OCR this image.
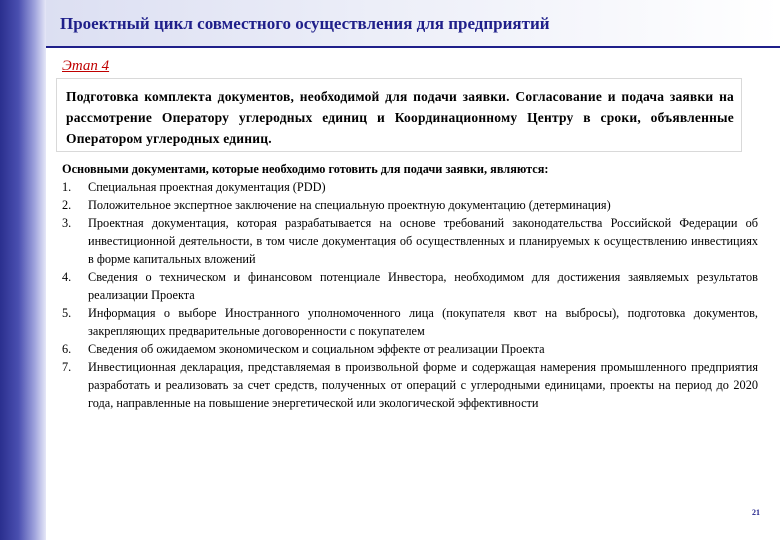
Проектный цикл совместного осуществления для предприятий
Этап 4
Подготовка комплекта документов, необходимой для подачи заявки. Согласование и подача заявки на рассмотрение Оператору углеродных единиц и Координационному Центру в сроки, объявленные Оператором углеродных единиц.
Основными документами, которые необходимо готовить для подачи заявки, являются:
1.	Специальная проектная документация (PDD)
2.	Положительное экспертное заключение на специальную проектную документацию (детерминация)
3.	Проектная документация, которая разрабатывается на основе требований законодательства Российской Федерации об инвестиционной деятельности, в том числе документация об осуществленных и планируемых к осуществлению инвестициях в форме капитальных вложений
4.	Сведения о техническом и финансовом потенциале Инвестора, необходимом для достижения заявляемых результатов реализации Проекта
5.	Информация о выборе Иностранного уполномоченного лица (покупателя квот на выбросы), подготовка документов, закрепляющих предварительные договоренности с покупателем
6.	Сведения об ожидаемом экономическом и социальном эффекте от реализации Проекта
7.	Инвестиционная декларация, представляемая в произвольной форме и содержащая намерения промышленного предприятия разработать и реализовать за счет средств, полученных от операций с углеродными единицами, проекты на период до 2020 года, направленные на повышение энергетической или экологической эффективности
21
